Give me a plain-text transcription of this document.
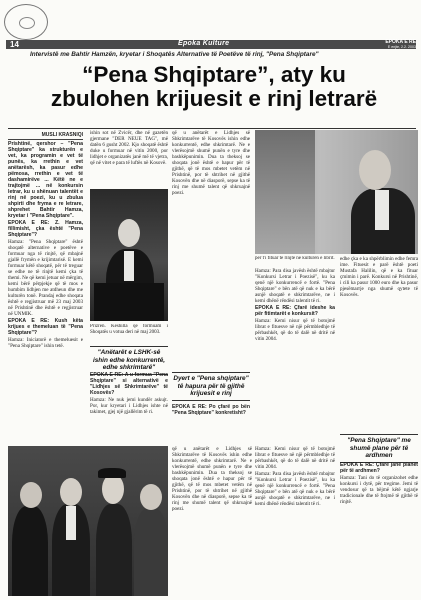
14	Epoka Kulture	EPOKA E RE
E enjte, 2.2. 2003
Intervistë me Bahtir Hamzën, kryetar i Shoqatës Alternative të Poetëve të rinj, "Pena Shqiptare"
“Pena Shqiptare”, aty ku
zbulohen krijuesit e rinj letrarë
MUSLI KRASNIQI

Prishtinë, qershor – "Pena Shqiptare" ka strukturën e vet, ka programin e vet të punës, ka rrethin e vet anëtarësh, ka pasur edhe pëmosa, rrethin e vet të dashamirëve ... Këtë ne e trajtojmë ... në konkursin letrar, ku u shënuan talentët e rinj në poezi, ku u zbulua shpirti dhe fryma e re letrare, shprehet Bahtir Hamza, kryetar i "Pena Shqiptare".

EPOKA E RE: Z. Hamza, fillimisht, çka është "Pena Shqiptare"?

Hamza: "Pena Shqiptare" është shoqatë alternative e poetëve e formuar nga të rinjtë, që mbajnë gjallë frymën e krijimtarisë. E kemi formuar këtë shoqatë, për të treguar se edhe ne të rinjtë kemi çka të themi. Ne që kemi jetuar në mërgim, kemi bërë përpjekje që të mos e humbim lidhjen me atdheun dhe me kulturën tonë. Prandaj edhe shoqata është e regjistruar më 23 maj 2003 në Prishtinë dhe është e regjistruar në UNMIK.

EPOKA E RE: Kush këta krijues e themeluan të "Pena Shqiptare"?

Hamza: Iniciatorë e themeluesit e "Pena Shqiptare" ishin tetë.

ishin sot në Zvicër, dhe në gazetën gjermane "DER NEUE TAG", më datën 6 gusht 2002. Kjo shoqatë është duke u formuar në vitin 2000, por lidhjet e organizatës janë më të vjetra, që në vitet e para të luftës në Kosovë.

Prizren. Këshilla që formuam i Shoqatës u votua deri në maj 2003.
"Anëtarët e LSHK-së ishin edhe konkurrentë, edhe shkrimtarë"

EPOKA E RE: A u formua "Pena Shqiptare" si alternativë e "Lidhjes së Shkrimtarëve" të Kosovës?

Hamza: Ne nuk jemi kundër askujt. Por, kur kryetari i Lidhjes ishte në takimet, gjej një gjallërim të ri.

që u anëtarët e Lidhjes së Shkrimtarëve të Kosovës ishin edhe konkurrentë, edhe shkrimtarë. Ne e vlerësojmë shumë punën e tyre dhe bashkëpunimin. Dua ta theksoj se shoqata jonë është e hapur për të gjithë, që të mos mbetet vetëm në Prishtinë, por të shtrihet në gjithë Kosovën dhe në diasporë, sepse ka të rinj me shumë talent që shkruajnë poezi.

Dyert e "Pena shqiptare" të hapura për të gjithë krijuesit e rinj

EPOKA E RE: Po çfarë po bën "Pena Shqiptare" konkretisht?

për t'i fituar të rinjtë në kulturën e librit.

Hamza: Para disa javësh është mbajtur "Konkursi Letrar i Poezisë", ku ka qenë një konkurrencë e fortë. "Pena Shqiptare" e bën atë që nuk e ka bërë asnjë shoqatë e shkrimtarëve, ne i kemi dhënë rëndësi talentit të ri.

EPOKA E RE: Çfarë ideshe ka për fitimtarët e konkursit?

Hamza: Kemi nisur që të botojmë librat e fituesve në një përmbledhje të përbashkët, që do të dalë në dritë në vitin 2004.

edhe çka e ka shpërblimin edhe femra ime. Fituesit e parë është poeti Mustafa Halilin, që e ka fituar çmimin i parë. Konkursi në Prishtinë, i cili ka pasur 1000 euro dhe ka pasur pjesëmarrje nga shumë qytete të Kosovës.

"Pena Shqiptare" me shumë plane për të ardhmen

EPOKA E RE: Çfare janë planet për të ardhmen?

Hamza: Tani do të organizohet edhe konkursi i dytë, për tregime. Jemi të vendosur që ta bëjmë këtë ngjarje tradicionale dhe të ftojmë të gjithë të rinjtë.

që u anëtarët e Lidhjes së Shkrimtarëve të Kosovës ishin edhe konkurrentë, edhe shkrimtarë. Ne e vlerësojmë shumë punën e tyre dhe bashkëpunimin. Dua ta theksoj se shoqata jonë është e hapur për të gjithë, që të mos mbetet vetëm në Prishtinë, por të shtrihet në gjithë Kosovën dhe në diasporë, sepse ka të rinj me shumë talent që shkruajnë poezi.

Hamza: Kemi nisur që të botojmë librat e fituesve në një përmbledhje të përbashkët, që do të dalë në dritë në vitin 2004.

Hamza: Para disa javësh është mbajtur "Konkursi Letrar i Poezisë", ku ka qenë një konkurrencë e fortë. "Pena Shqiptare" e bën atë që nuk e ka bërë asnjë shoqatë e shkrimtarëve, ne i kemi dhënë rëndësi talentit të ri.
